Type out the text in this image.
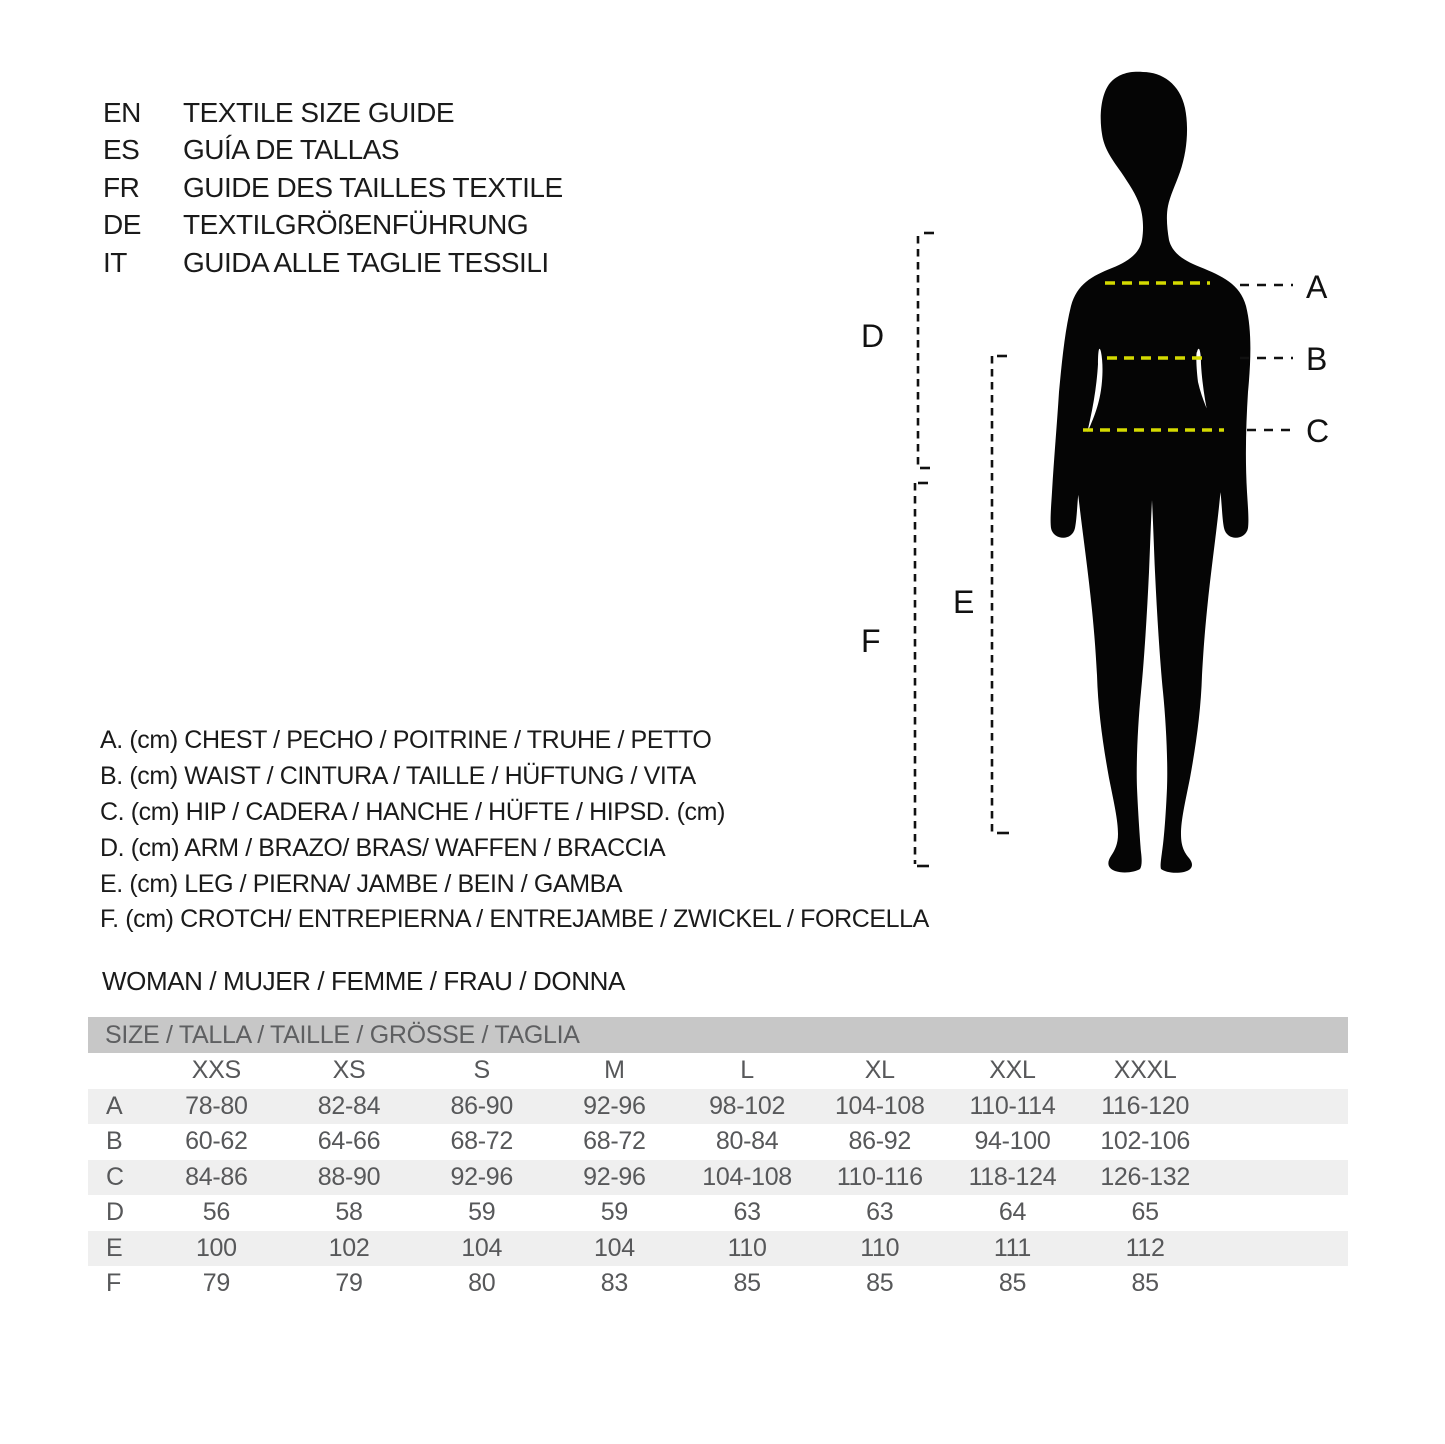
EN	TEXTILE SIZE GUIDE
ES	GUÍA DE TALLAS
FR	GUIDE DES TAILLES TEXTILE
DE	TEXTILGRÖßENFÜHRUNG
IT	GUIDA ALLE TAGLIE TESSILI
A. (cm) CHEST / PECHO / POITRINE / TRUHE / PETTO
B. (cm) WAIST / CINTURA / TAILLE / HÜFTUNG / VITA
C. (cm) HIP / CADERA / HANCHE / HÜFTE / HIPSD. (cm)
D. (cm) ARM / BRAZO/ BRAS/ WAFFEN / BRACCIA
E. (cm) LEG / PIERNA/ JAMBE / BEIN / GAMBA
F. (cm) CROTCH/ ENTREPIERNA / ENTREJAMBE / ZWICKEL / FORCELLA
WOMAN / MUJER / FEMME / FRAU / DONNA
A
B
C
D
E
F
SIZE / TALLA / TAILLE / GRÖSSE / TAGLIA
XXS	XS	S	M	L	XL	XXL	XXXL
A	78-80	82-84	86-90	92-96	98-102	104-108	110-114	116-120
B	60-62	64-66	68-72	68-72	80-84	86-92	94-100	102-106
C	84-86	88-90	92-96	92-96	104-108	110-116	118-124	126-132
D	56	58	59	59	63	63	64	65
E	100	102	104	104	110	110	111	112
F	79	79	80	83	85	85	85	85
